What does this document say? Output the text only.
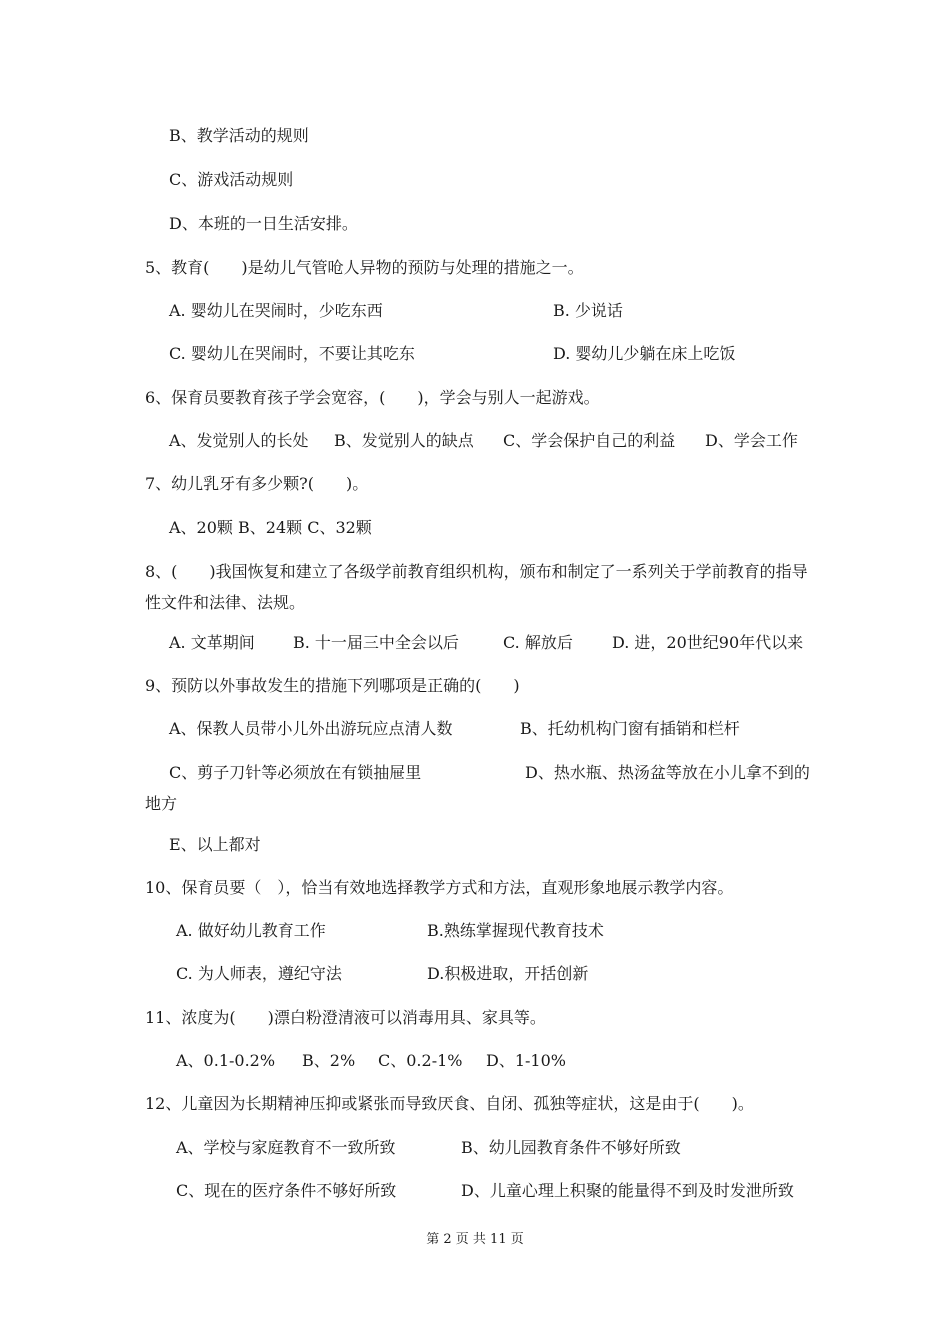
B、教学活动的规则
C、游戏活动规则
D、本班的一日生活安排。
5、教育(　　)是幼儿气管呛人异物的预防与处理的措施之一。
A. 婴幼儿在哭闹时，少吃东西	B. 少说话
C. 婴幼儿在哭闹时，不要让其吃东	D. 婴幼儿少躺在床上吃饭
6、保育员要教育孩子学会宽容，(　　)，学会与别人一起游戏。
A、发觉别人的长处 B、发觉别人的缺点 C、学会保护自己的利益 D、学会工作
7、幼儿乳牙有多少颗?(　　)。
A、20颗 B、24颗 C、32颗
8、(　　)我国恢复和建立了各级学前教育组织机构，颁布和制定了一系列关于学前教育的指导性文件和法律、法规。
A. 文革期间 B. 十一届三中全会以后	C. 解放后 D. 进，20世纪90年代以来
9、预防以外事故发生的措施下列哪项是正确的(　　)
A、保教人员带小儿外出游玩应点清人数	B、托幼机构门窗有插销和栏杆
C、剪子刀针等必须放在有锁抽屉里	D、热水瓶、热汤盆等放在小儿拿不到的地方
E、以上都对
10、保育员要（　），恰当有效地选择教学方式和方法，直观形象地展示教学内容。
A. 做好幼儿教育工作	B.熟练掌握现代教育技术
C. 为人师表，遵纪守法	D.积极进取，开括创新
11、浓度为(　　)漂白粉澄清液可以消毒用具、家具等。
A、0.1-0.2% B、2% C、0.2-1% D、1-10%
12、儿童因为长期精神压抑或紧张而导致厌食、自闭、孤独等症状，这是由于(　　)。
A、学校与家庭教育不一致所致	B、幼儿园教育条件不够好所致
C、现在的医疗条件不够好所致	D、儿童心理上积聚的能量得不到及时发泄所致
第 2 页 共 11 页
